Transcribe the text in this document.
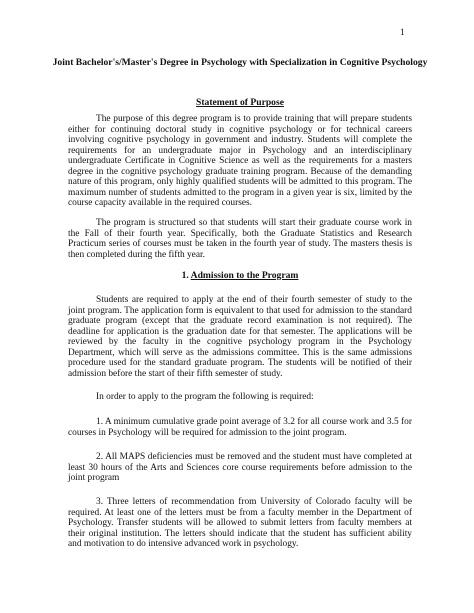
1
Joint Bachelor's/Master's Degree in Psychology with Specialization in Cognitive Psychology
Statement of Purpose

The purpose of this degree program is to provide training that will prepare students either for continuing doctoral study in cognitive psychology or for technical careers involving cognitive psychology in government and industry. Students will complete the requirements for an undergraduate major in Psychology and an interdisciplinary undergraduate Certificate in Cognitive Science as well as the requirements for a masters degree in the cognitive psychology graduate training program. Because of the demanding nature of this program, only highly qualified students will be admitted to this program. The maximum number of students admitted to the program in a given year is six, limited by the course capacity available in the required courses.

The program is structured so that students will start their graduate course work in the Fall of their fourth year. Specifically, both the Graduate Statistics and Research Practicum series of courses must be taken in the fourth year of study. The masters thesis is then completed during the fifth year.

1. Admission to the Program

Students are required to apply at the end of their fourth semester of study to the joint program. The application form is equivalent to that used for admission to the standard graduate program (except that the graduate record examination is not required). The deadline for application is the graduation date for that semester. The applications will be reviewed by the faculty in the cognitive psychology program in the Psychology Department, which will serve as the admissions committee. This is the same admissions procedure used for the standard graduate program. The students will be notified of their admission before the start of their fifth semester of study.

In order to apply to the program the following is required:

1. A minimum cumulative grade point average of 3.2 for all course work and 3.5 for courses in Psychology will be required for admission to the joint program.

2. All MAPS deficiencies must be removed and the student must have completed at least 30 hours of the Arts and Sciences core course requirements before admission to the joint program

3. Three letters of recommendation from University of Colorado faculty will be required. At least one of the letters must be from a faculty member in the Department of Psychology. Transfer students will be allowed to submit letters from faculty members at their original institution. The letters should indicate that the student has sufficient ability and motivation to do intensive advanced work in psychology.
